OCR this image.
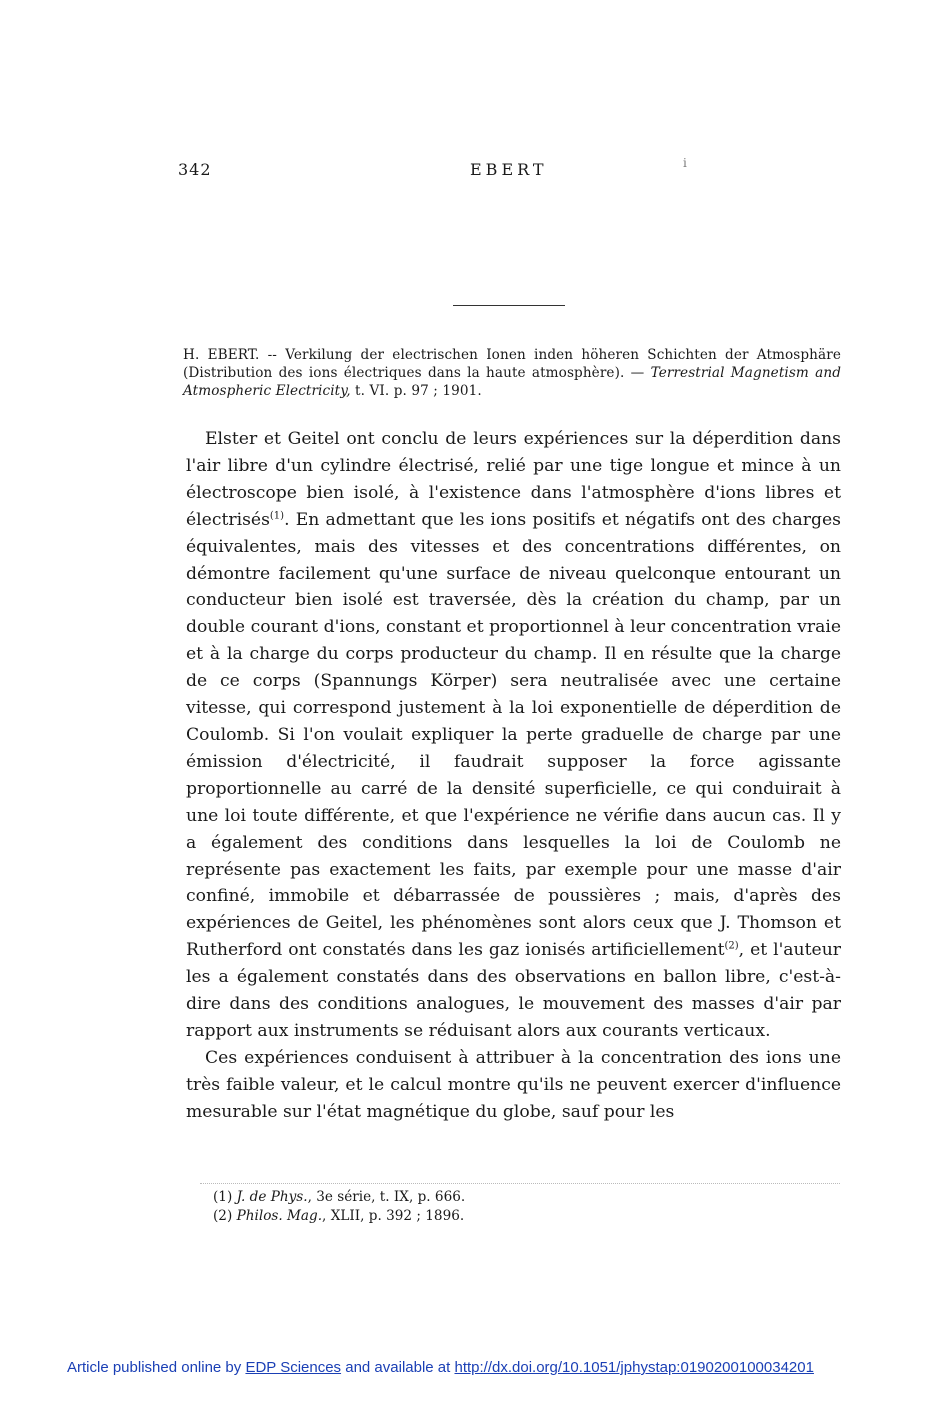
342	EBERT	i
H. EBERT. -- Verkilung der electrischen Ionen inden höheren Schichten der Atmosphäre (Distribution des ions électriques dans la haute atmosphère). — Terrestrial Magnetism and Atmospheric Electricity, t. VI. p. 97 ; 1901.

Elster et Geitel ont conclu de leurs expériences sur la déperdition dans l'air libre d'un cylindre électrisé, relié par une tige longue et mince à un électroscope bien isolé, à l'existence dans l'atmosphère d'ions libres et électrisés$^{(1)}$. En admettant que les ions positifs et négatifs ont des charges équivalentes, mais des vitesses et des concentrations différentes, on démontre facilement qu'une surface de niveau quelconque entourant un conducteur bien isolé est traversée, dès la création du champ, par un double courant d'ions, constant et proportionnel à leur concentration vraie et à la charge du corps producteur du champ. Il en résulte que la charge de ce corps (Spannungs Körper) sera neutralisée avec une certaine vitesse, qui correspond justement à la loi exponentielle de déperdition de Coulomb. Si l'on voulait expliquer la perte graduelle de charge par une émission d'électricité, il faudrait supposer la force agissante proportionnelle au carré de la densité superficielle, ce qui conduirait à une loi toute différente, et que l'expérience ne vérifie dans aucun cas. Il y a également des conditions dans lesquelles la loi de Coulomb ne représente pas exactement les faits, par exemple pour une masse d'air confiné, immobile et débarrassée de poussières ; mais, d'après des expériences de Geitel, les phénomènes sont alors ceux que J. Thomson et Rutherford ont constatés dans les gaz ionisés artificiellement$^{(2)}$, et l'auteur les a également constatés dans des observations en ballon libre, c'est-à-dire dans des conditions analogues, le mouvement des masses d'air par rapport aux instruments se réduisant alors aux courants verticaux.

Ces expériences conduisent à attribuer à la concentration des ions une très faible valeur, et le calcul montre qu'ils ne peuvent exercer d'influence mesurable sur l'état magnétique du globe, sauf pour les

(1) J. de Phys., 3e série, t. IX, p. 666.
(2) Philos. Mag., XLII, p. 392 ; 1896.
Article published online by EDP Sciences and available at http://dx.doi.org/10.1051/jphystap:0190200100034201
